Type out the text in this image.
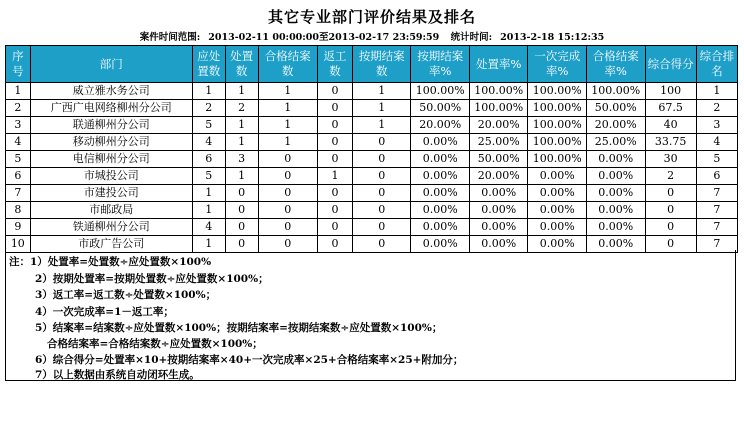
其它专业部门评价结果及排名
案件时间范围: 2013-02-11 00:00:00至2013-02-17 23:59:59 统计时间: 2013-2-18 15:12:35
序号	部门	应处置数	处置数	合格结案数	返工数	按期结案数	按期结案率%	处置率%	一次完成率%	合格结案率%	综合得分	综合排名
1	威立雅水务公司	1	1	1	0	1	100.00%	100.00%	100.00%	100.00%	100	1
2	广西广电网络柳州分公司	2	2	1	0	1	50.00%	100.00%	100.00%	50.00%	67.5	2
3	联通柳州分公司	5	1	1	0	1	20.00%	20.00%	100.00%	20.00%	40	3
4	移动柳州分公司	4	1	1	0	0	0.00%	25.00%	100.00%	25.00%	33.75	4
5	电信柳州分公司	6	3	0	0	0	0.00%	50.00%	100.00%	0.00%	30	5
6	市城投公司	5	1	0	1	0	0.00%	20.00%	0.00%	0.00%	2	6
7	市建投公司	1	0	0	0	0	0.00%	0.00%	0.00%	0.00%	0	7
8	市邮政局	1	0	0	0	0	0.00%	0.00%	0.00%	0.00%	0	7
9	铁通柳州分公司	4	0	0	0	0	0.00%	0.00%	0.00%	0.00%	0	7
10	市政广告公司	1	0	0	0	0	0.00%	0.00%	0.00%	0.00%	0	7
注：1）处置率=处置数÷应处置数×100%
2）按期处置率=按期处置数÷应处置数×100%；
3）返工率=返工数÷处置数×100%；
4）一次完成率=1－返工率；
5）结案率=结案数÷应处置数×100%；按期结案率=按期结案数÷应处置数×100%；
合格结案率=合格结案数÷应处置数×100%；
6）综合得分=处置率×10+按期结案率×40+一次完成率×25+合格结案率×25+附加分；
7）以上数据由系统自动闭环生成。
